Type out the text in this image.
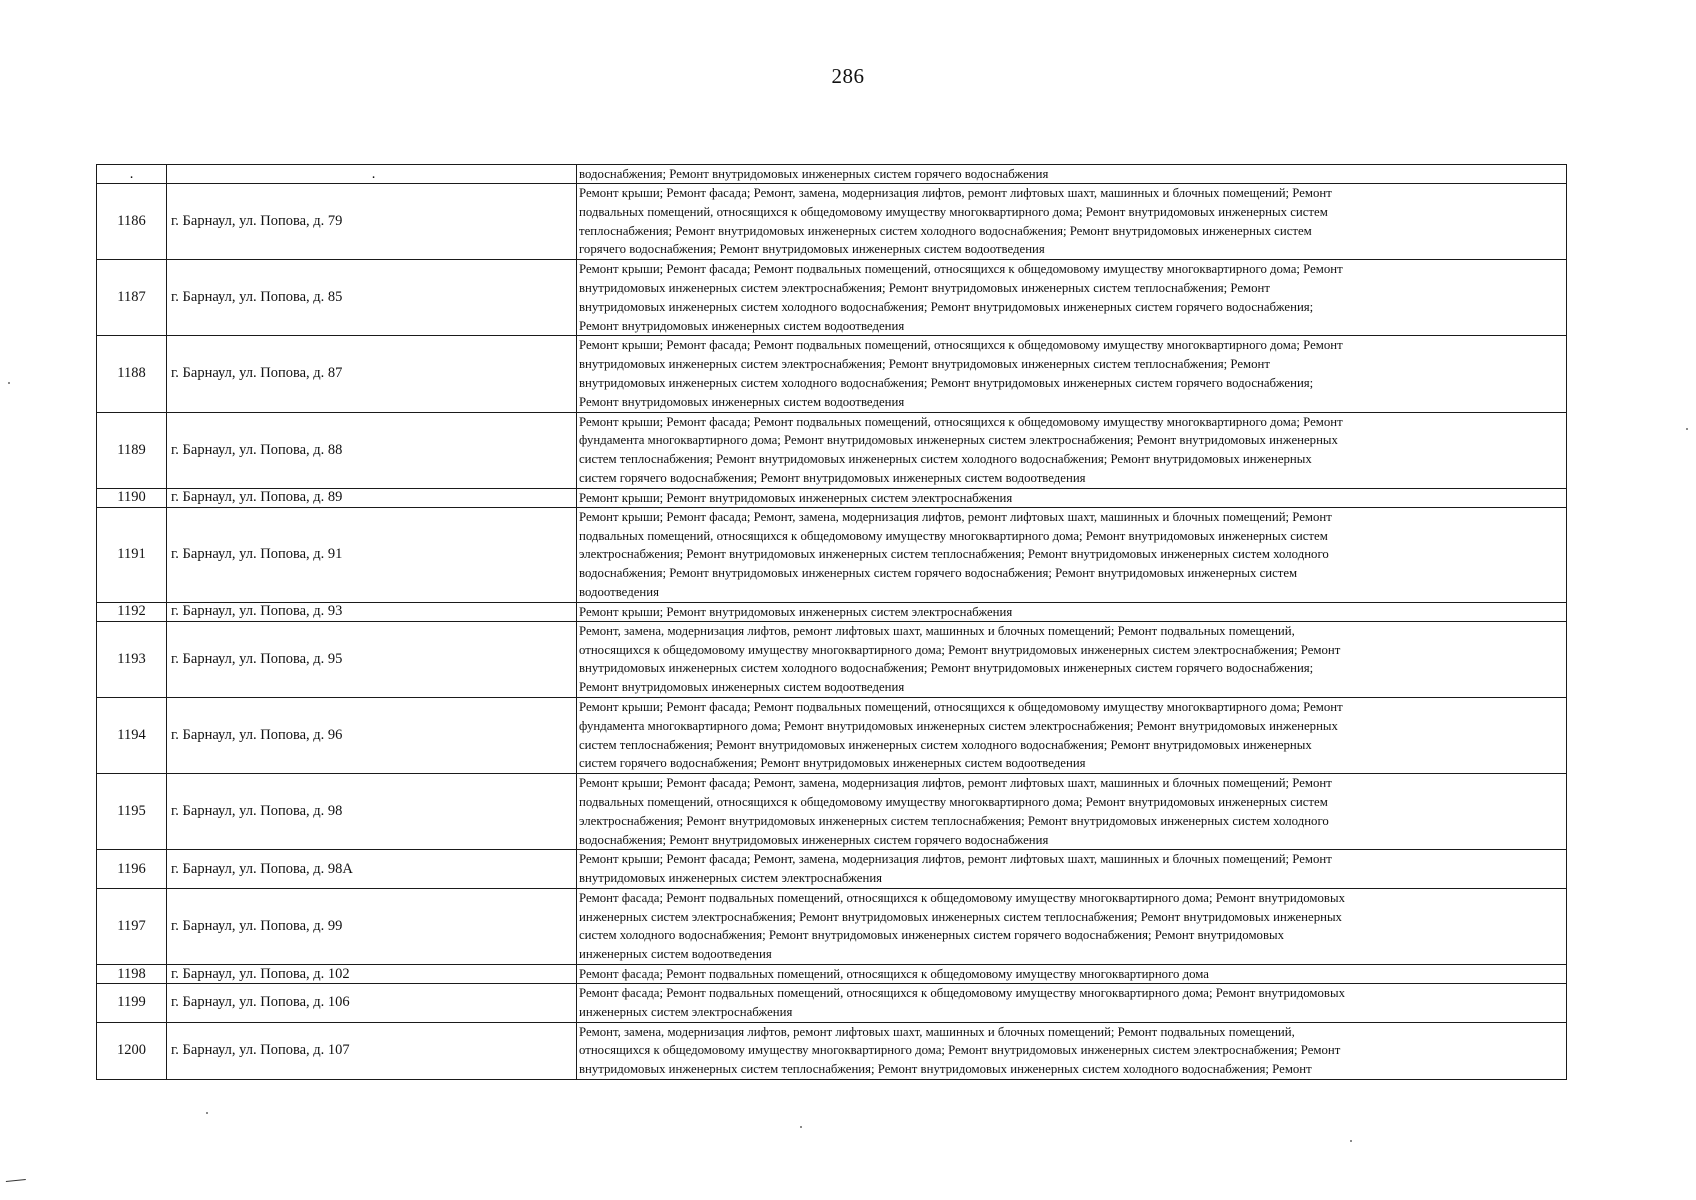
286
.	.	водоснабжения; Ремонт внутридомовых инженерных систем горячего водоснабжения

1186	г. Барнаул, ул. Попова, д. 79	Ремонт крыши; Ремонт фасада; Ремонт, замена, модернизация лифтов, ремонт лифтовых шахт, машинных и блочных помещений; Ремонт
подвальных помещений, относящихся к общедомовому имуществу многоквартирного дома; Ремонт внутридомовых инженерных систем
теплоснабжения; Ремонт внутридомовых инженерных систем холодного водоснабжения; Ремонт внутридомовых инженерных систем
горячего водоснабжения; Ремонт внутридомовых инженерных систем водоотведения

1187	г. Барнаул, ул. Попова, д. 85	Ремонт крыши; Ремонт фасада; Ремонт подвальных помещений, относящихся к общедомовому имуществу многоквартирного дома; Ремонт
внутридомовых инженерных систем электроснабжения; Ремонт внутридомовых инженерных систем теплоснабжения; Ремонт
внутридомовых инженерных систем холодного водоснабжения; Ремонт внутридомовых инженерных систем горячего водоснабжения;
Ремонт внутридомовых инженерных систем водоотведения

1188	г. Барнаул, ул. Попова, д. 87	Ремонт крыши; Ремонт фасада; Ремонт подвальных помещений, относящихся к общедомовому имуществу многоквартирного дома; Ремонт
внутридомовых инженерных систем электроснабжения; Ремонт внутридомовых инженерных систем теплоснабжения; Ремонт
внутридомовых инженерных систем холодного водоснабжения; Ремонт внутридомовых инженерных систем горячего водоснабжения;
Ремонт внутридомовых инженерных систем водоотведения

1189	г. Барнаул, ул. Попова, д. 88	Ремонт крыши; Ремонт фасада; Ремонт подвальных помещений, относящихся к общедомовому имуществу многоквартирного дома; Ремонт
фундамента многоквартирного дома; Ремонт внутридомовых инженерных систем электроснабжения; Ремонт внутридомовых инженерных
систем теплоснабжения; Ремонт внутридомовых инженерных систем холодного водоснабжения; Ремонт внутридомовых инженерных
систем горячего водоснабжения; Ремонт внутридомовых инженерных систем водоотведения

1190	г. Барнаул, ул. Попова, д. 89	Ремонт крыши; Ремонт внутридомовых инженерных систем электроснабжения

1191	г. Барнаул, ул. Попова, д. 91	Ремонт крыши; Ремонт фасада; Ремонт, замена, модернизация лифтов, ремонт лифтовых шахт, машинных и блочных помещений; Ремонт
подвальных помещений, относящихся к общедомовому имуществу многоквартирного дома; Ремонт внутридомовых инженерных систем
электроснабжения; Ремонт внутридомовых инженерных систем теплоснабжения; Ремонт внутридомовых инженерных систем холодного
водоснабжения; Ремонт внутридомовых инженерных систем горячего водоснабжения; Ремонт внутридомовых инженерных систем
водоотведения

1192	г. Барнаул, ул. Попова, д. 93	Ремонт крыши; Ремонт внутридомовых инженерных систем электроснабжения

1193	г. Барнаул, ул. Попова, д. 95	Ремонт, замена, модернизация лифтов, ремонт лифтовых шахт, машинных и блочных помещений; Ремонт подвальных помещений,
относящихся к общедомовому имуществу многоквартирного дома; Ремонт внутридомовых инженерных систем электроснабжения; Ремонт
внутридомовых инженерных систем холодного водоснабжения; Ремонт внутридомовых инженерных систем горячего водоснабжения;
Ремонт внутридомовых инженерных систем водоотведения

1194	г. Барнаул, ул. Попова, д. 96	Ремонт крыши; Ремонт фасада; Ремонт подвальных помещений, относящихся к общедомовому имуществу многоквартирного дома; Ремонт
фундамента многоквартирного дома; Ремонт внутридомовых инженерных систем электроснабжения; Ремонт внутридомовых инженерных
систем теплоснабжения; Ремонт внутридомовых инженерных систем холодного водоснабжения; Ремонт внутридомовых инженерных
систем горячего водоснабжения; Ремонт внутридомовых инженерных систем водоотведения

1195	г. Барнаул, ул. Попова, д. 98	Ремонт крыши; Ремонт фасада; Ремонт, замена, модернизация лифтов, ремонт лифтовых шахт, машинных и блочных помещений; Ремонт
подвальных помещений, относящихся к общедомовому имуществу многоквартирного дома; Ремонт внутридомовых инженерных систем
электроснабжения; Ремонт внутридомовых инженерных систем теплоснабжения; Ремонт внутридомовых инженерных систем холодного
водоснабжения; Ремонт внутридомовых инженерных систем горячего водоснабжения

1196	г. Барнаул, ул. Попова, д. 98А	Ремонт крыши; Ремонт фасада; Ремонт, замена, модернизация лифтов, ремонт лифтовых шахт, машинных и блочных помещений; Ремонт
внутридомовых инженерных систем электроснабжения

1197	г. Барнаул, ул. Попова, д. 99	Ремонт фасада; Ремонт подвальных помещений, относящихся к общедомовому имуществу многоквартирного дома; Ремонт внутридомовых
инженерных систем электроснабжения; Ремонт внутридомовых инженерных систем теплоснабжения; Ремонт внутридомовых инженерных
систем холодного водоснабжения; Ремонт внутридомовых инженерных систем горячего водоснабжения; Ремонт внутридомовых
инженерных систем водоотведения

1198	г. Барнаул, ул. Попова, д. 102	Ремонт фасада; Ремонт подвальных помещений, относящихся к общедомовому имуществу многоквартирного дома

1199	г. Барнаул, ул. Попова, д. 106	Ремонт фасада; Ремонт подвальных помещений, относящихся к общедомовому имуществу многоквартирного дома; Ремонт внутридомовых
инженерных систем электроснабжения

1200	г. Барнаул, ул. Попова, д. 107	Ремонт, замена, модернизация лифтов, ремонт лифтовых шахт, машинных и блочных помещений; Ремонт подвальных помещений,
относящихся к общедомовому имуществу многоквартирного дома; Ремонт внутридомовых инженерных систем электроснабжения; Ремонт
внутридомовых инженерных систем теплоснабжения; Ремонт внутридомовых инженерных систем холодного водоснабжения; Ремонт
